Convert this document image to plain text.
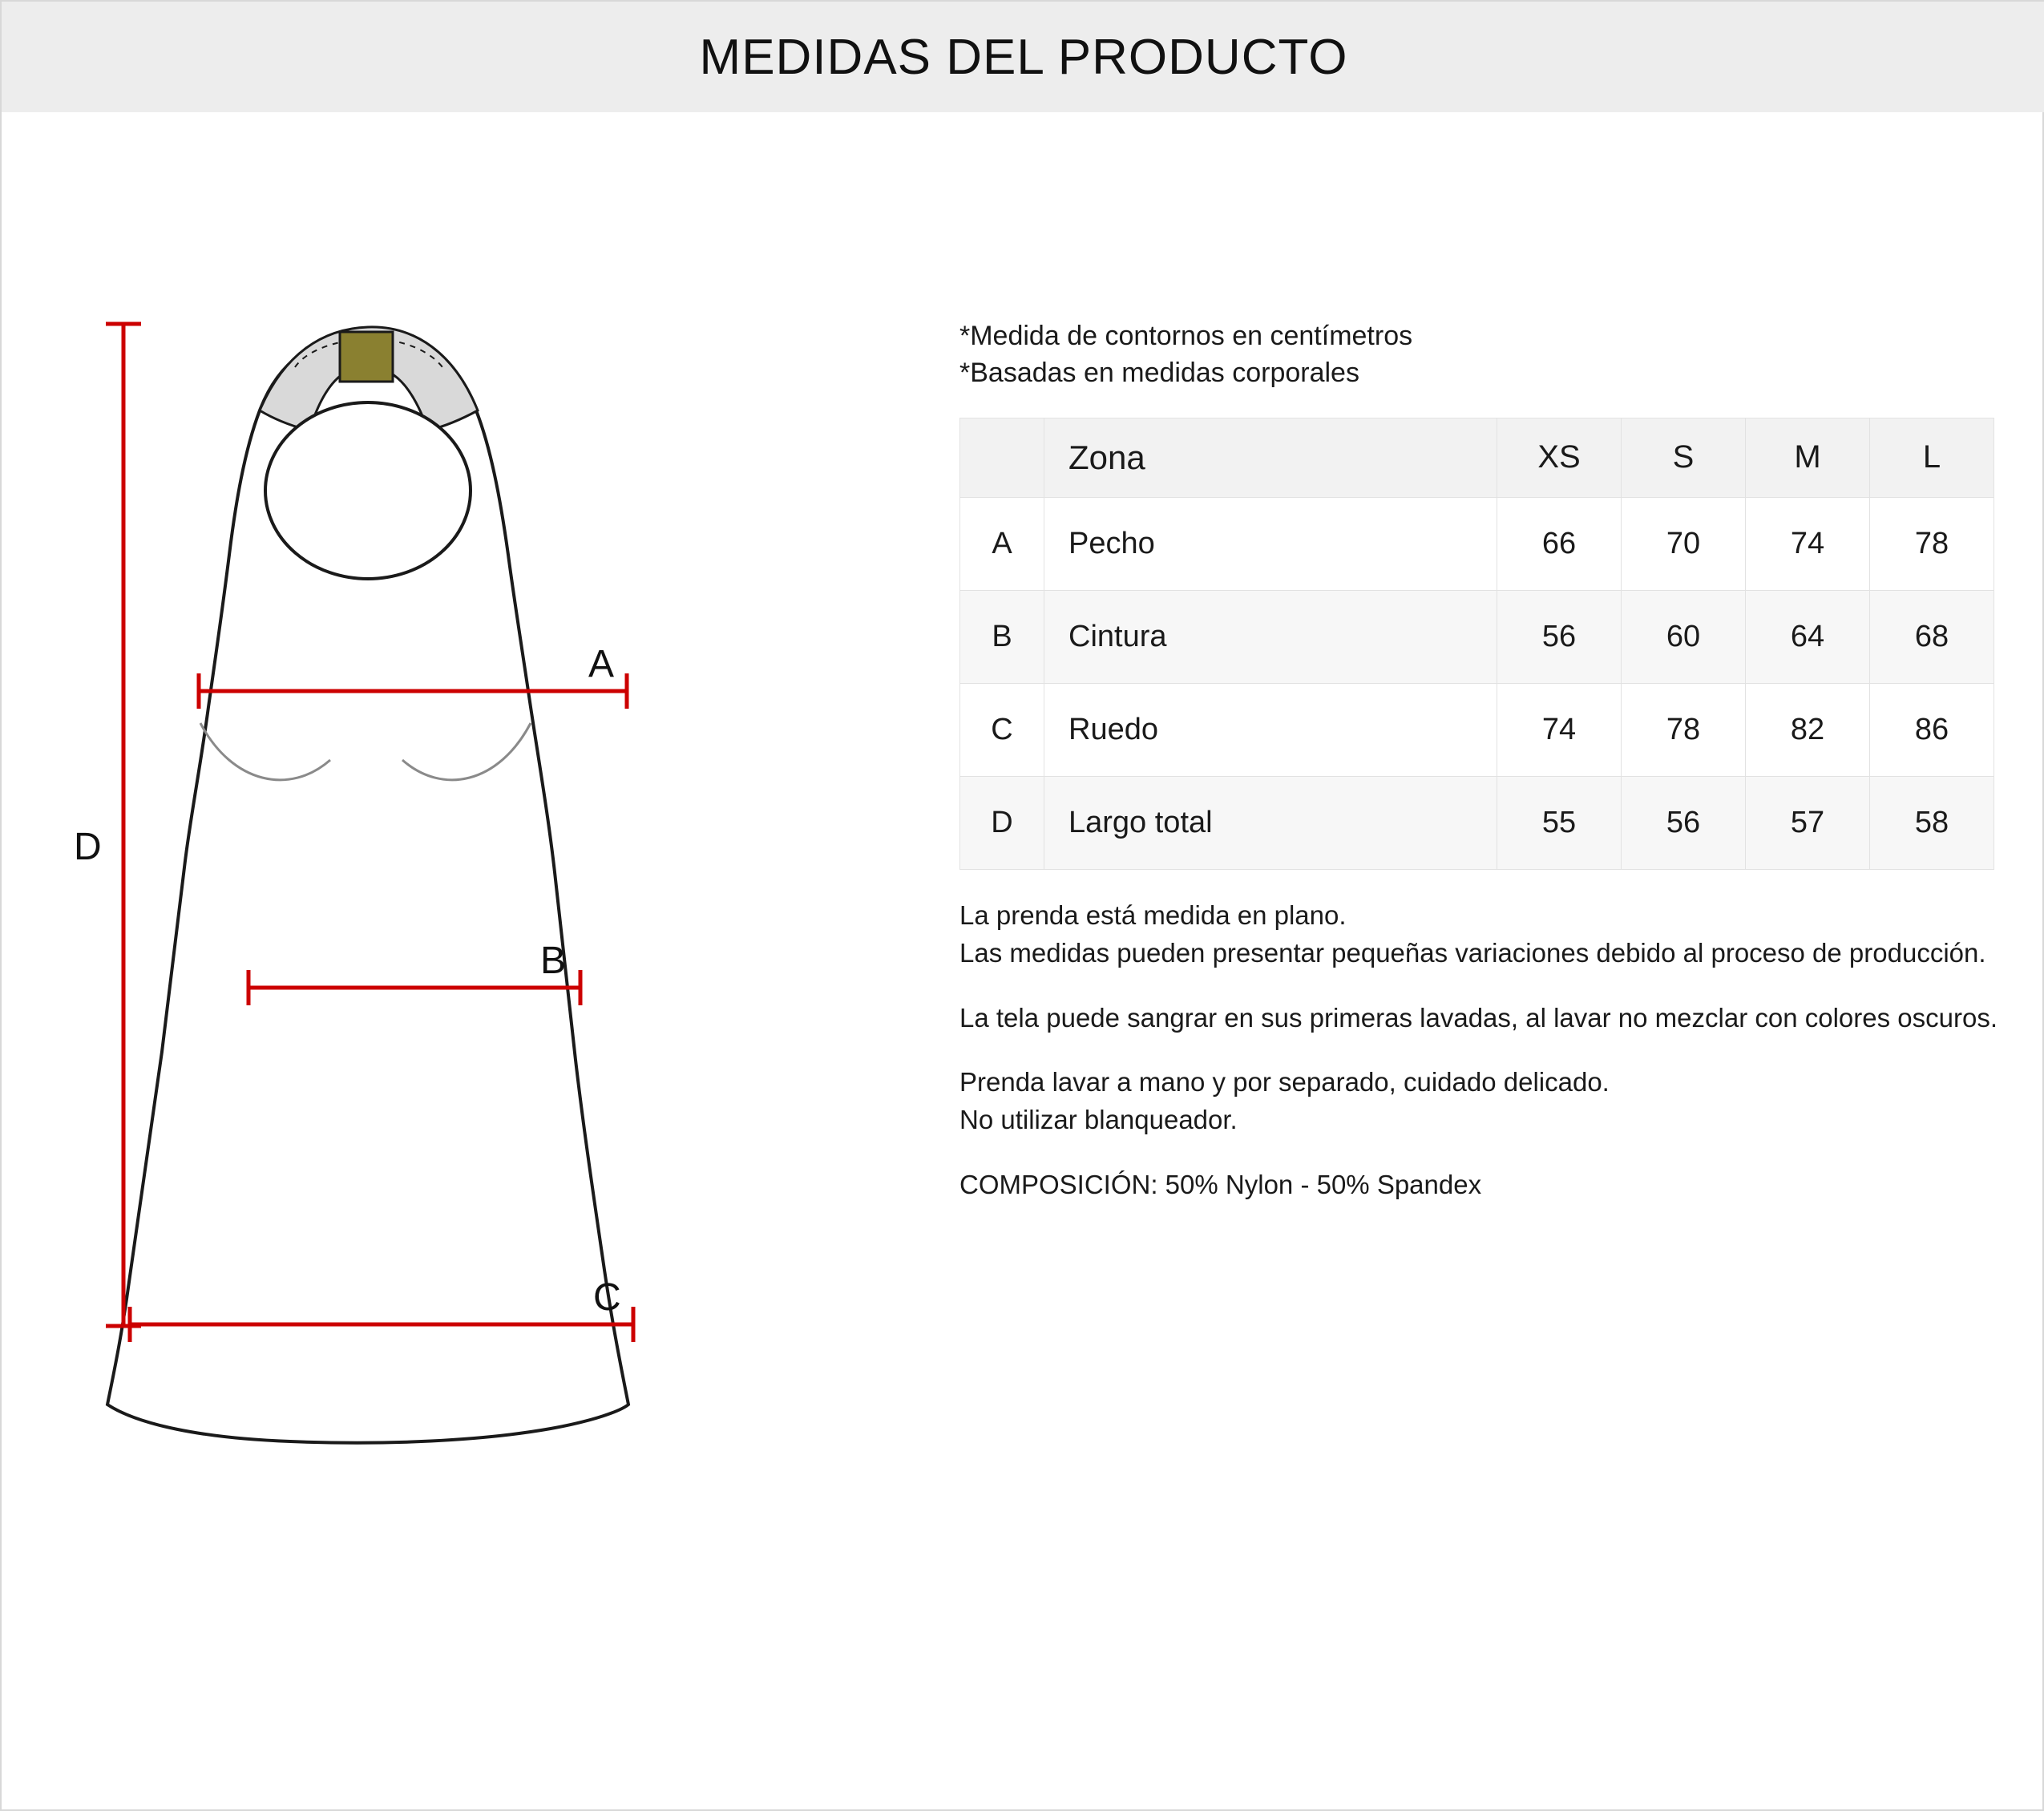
MEDIDAS DEL PRODUCTO
A
B
C
D
*Medida de contornos en centímetros
*Basadas en medidas corporales
	Zona	XS	S	M	L
A	Pecho	66	70	74	78
B	Cintura	56	60	64	68
C	Ruedo	74	78	82	86
D	Largo total	55	56	57	58

La prenda está medida en plano.
Las medidas pueden presentar pequeñas variaciones debido al proceso de producción.

La tela puede sangrar en sus primeras lavadas, al lavar no mezclar con colores oscuros.

Prenda lavar a mano y por separado, cuidado delicado.
No utilizar blanqueador.

COMPOSICIÓN: 50% Nylon - 50% Spandex
